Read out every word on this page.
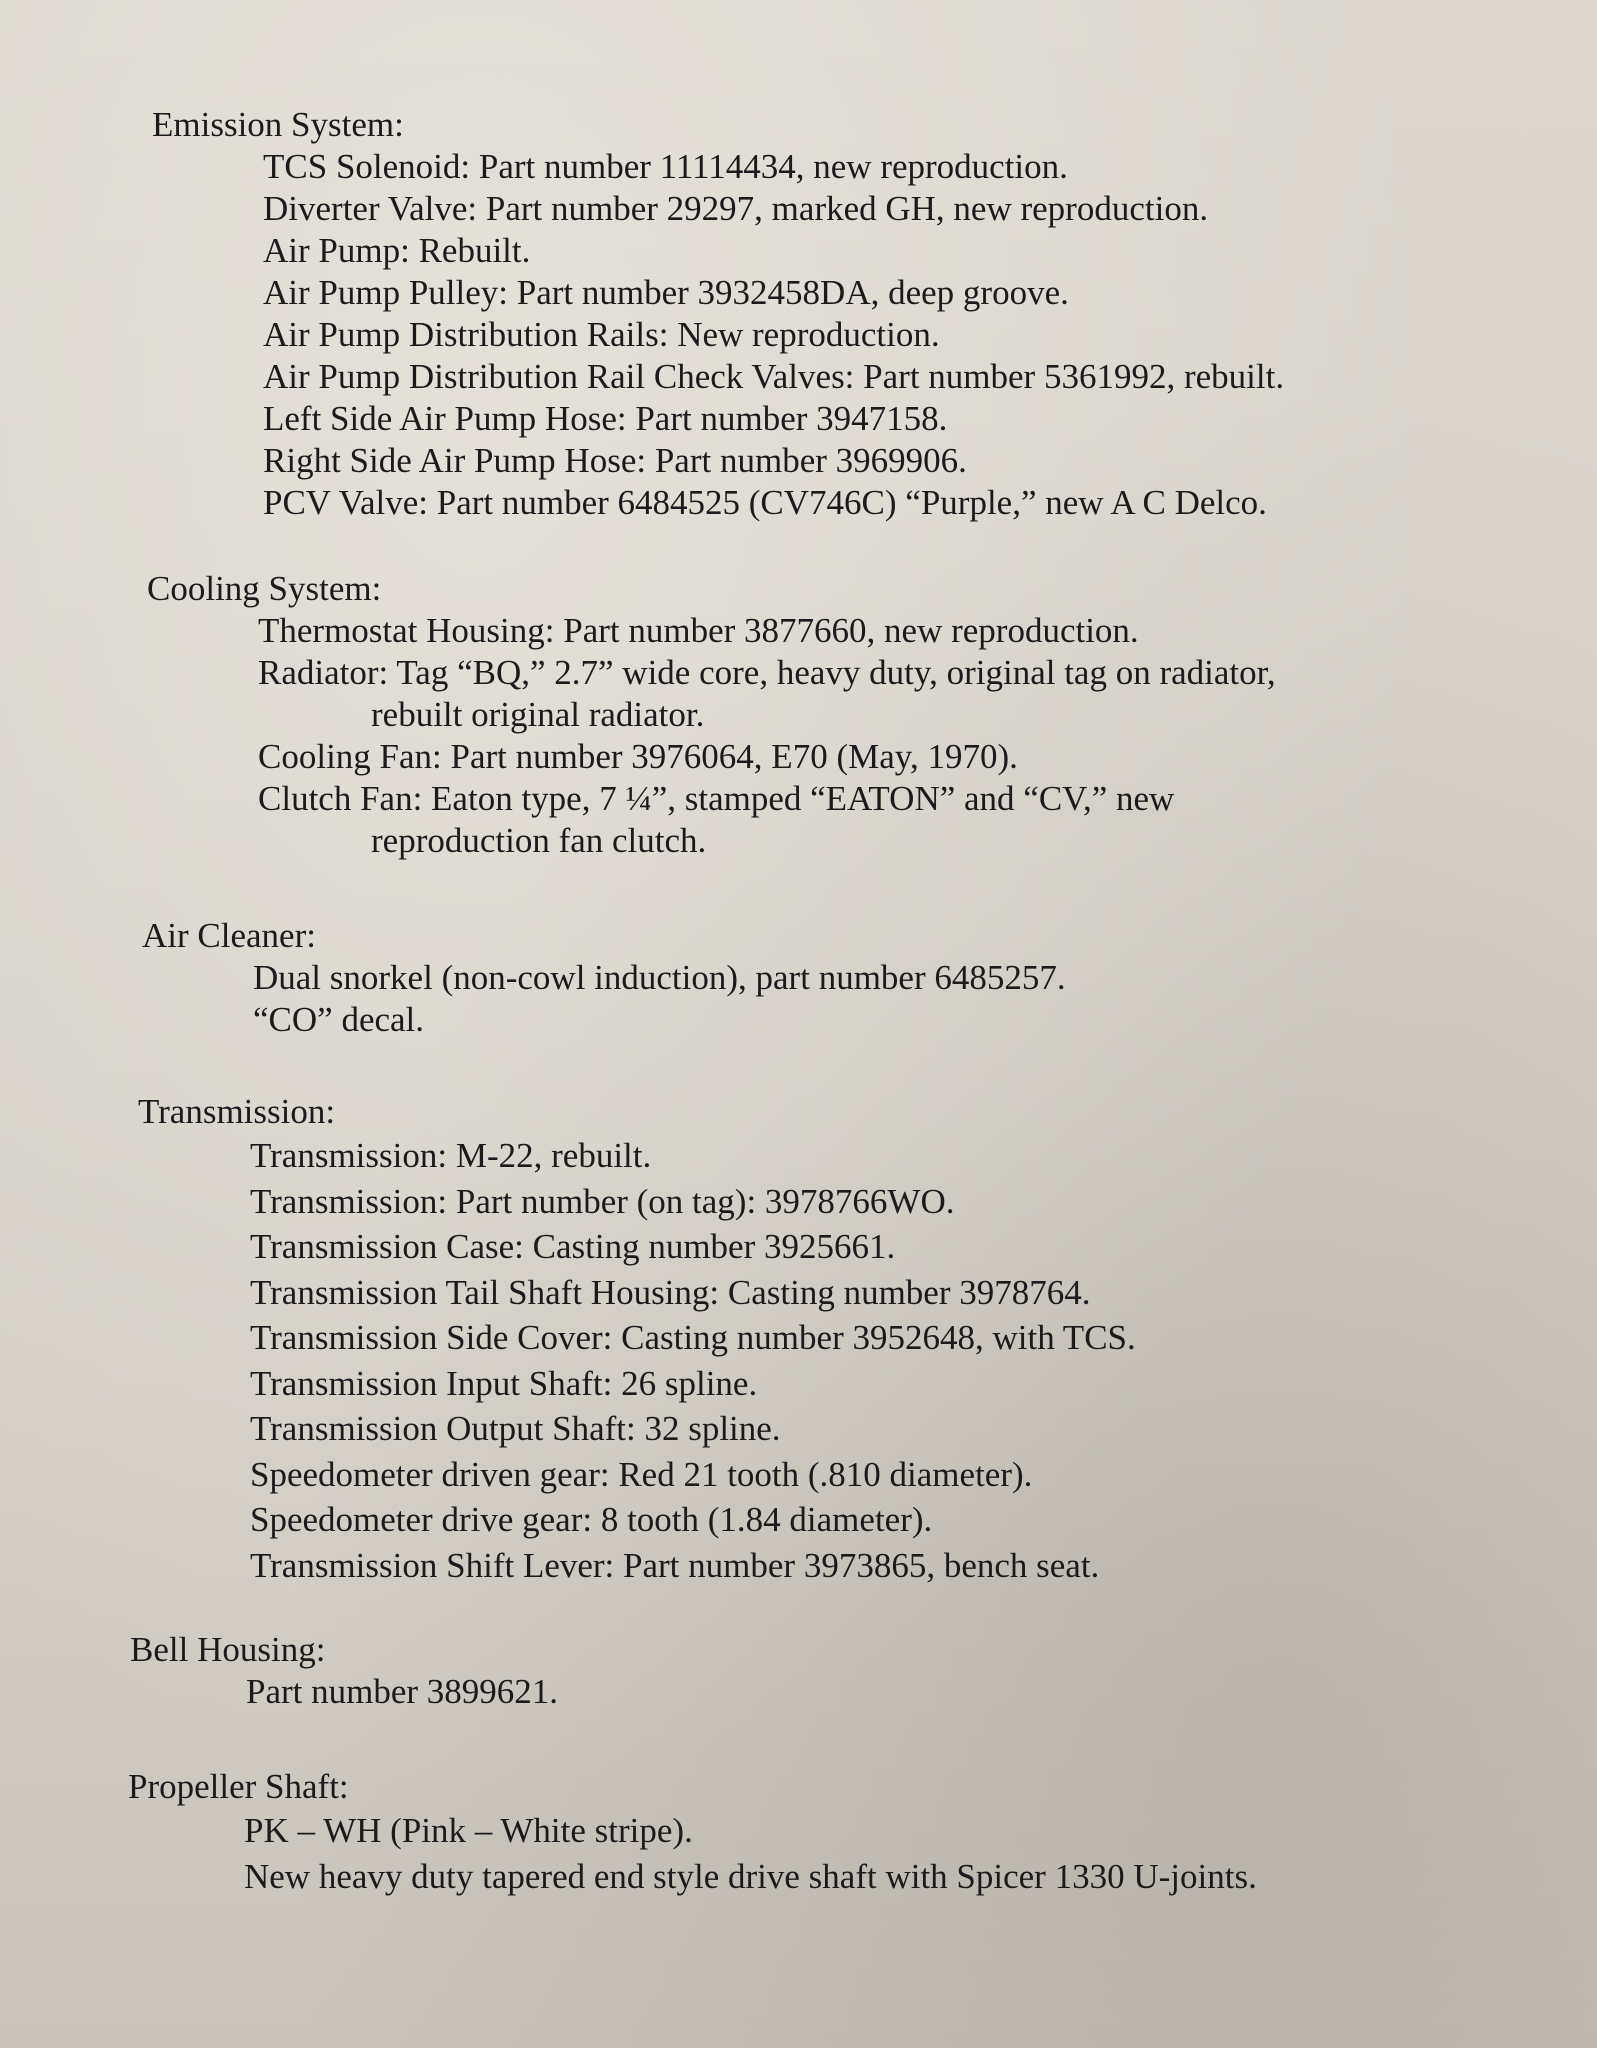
Emission System:

TCS Solenoid: Part number 11114434, new reproduction.
Diverter Valve: Part number 29297, marked GH, new reproduction.
Air Pump: Rebuilt.
Air Pump Pulley: Part number 3932458DA, deep groove.
Air Pump Distribution Rails: New reproduction.
Air Pump Distribution Rail Check Valves: Part number 5361992, rebuilt.
Left Side Air Pump Hose: Part number 3947158.
Right Side Air Pump Hose: Part number 3969906.
PCV Valve: Part number 6484525 (CV746C) “Purple,” new A C Delco.

Cooling System:

Thermostat Housing: Part number 3877660, new reproduction.
Radiator: Tag “BQ,” 2.7” wide core, heavy duty, original tag on radiator,
rebuilt original radiator.
Cooling Fan: Part number 3976064, E70 (May, 1970).
Clutch Fan: Eaton type, 7 ¼”, stamped “EATON” and “CV,” new
reproduction fan clutch.

Air Cleaner:

Dual snorkel (non-cowl induction), part number 6485257.
“CO” decal.

Transmission:

Transmission: M-22, rebuilt.
Transmission: Part number (on tag): 3978766WO.
Transmission Case: Casting number 3925661.
Transmission Tail Shaft Housing: Casting number 3978764.
Transmission Side Cover: Casting number 3952648, with TCS.
Transmission Input Shaft: 26 spline.
Transmission Output Shaft: 32 spline.
Speedometer driven gear: Red 21 tooth (.810 diameter).
Speedometer drive gear: 8 tooth (1.84 diameter).
Transmission Shift Lever: Part number 3973865, bench seat.

Bell Housing:

Part number 3899621.

Propeller Shaft:

PK – WH (Pink – White stripe).
New heavy duty tapered end style drive shaft with Spicer 1330 U-joints.
